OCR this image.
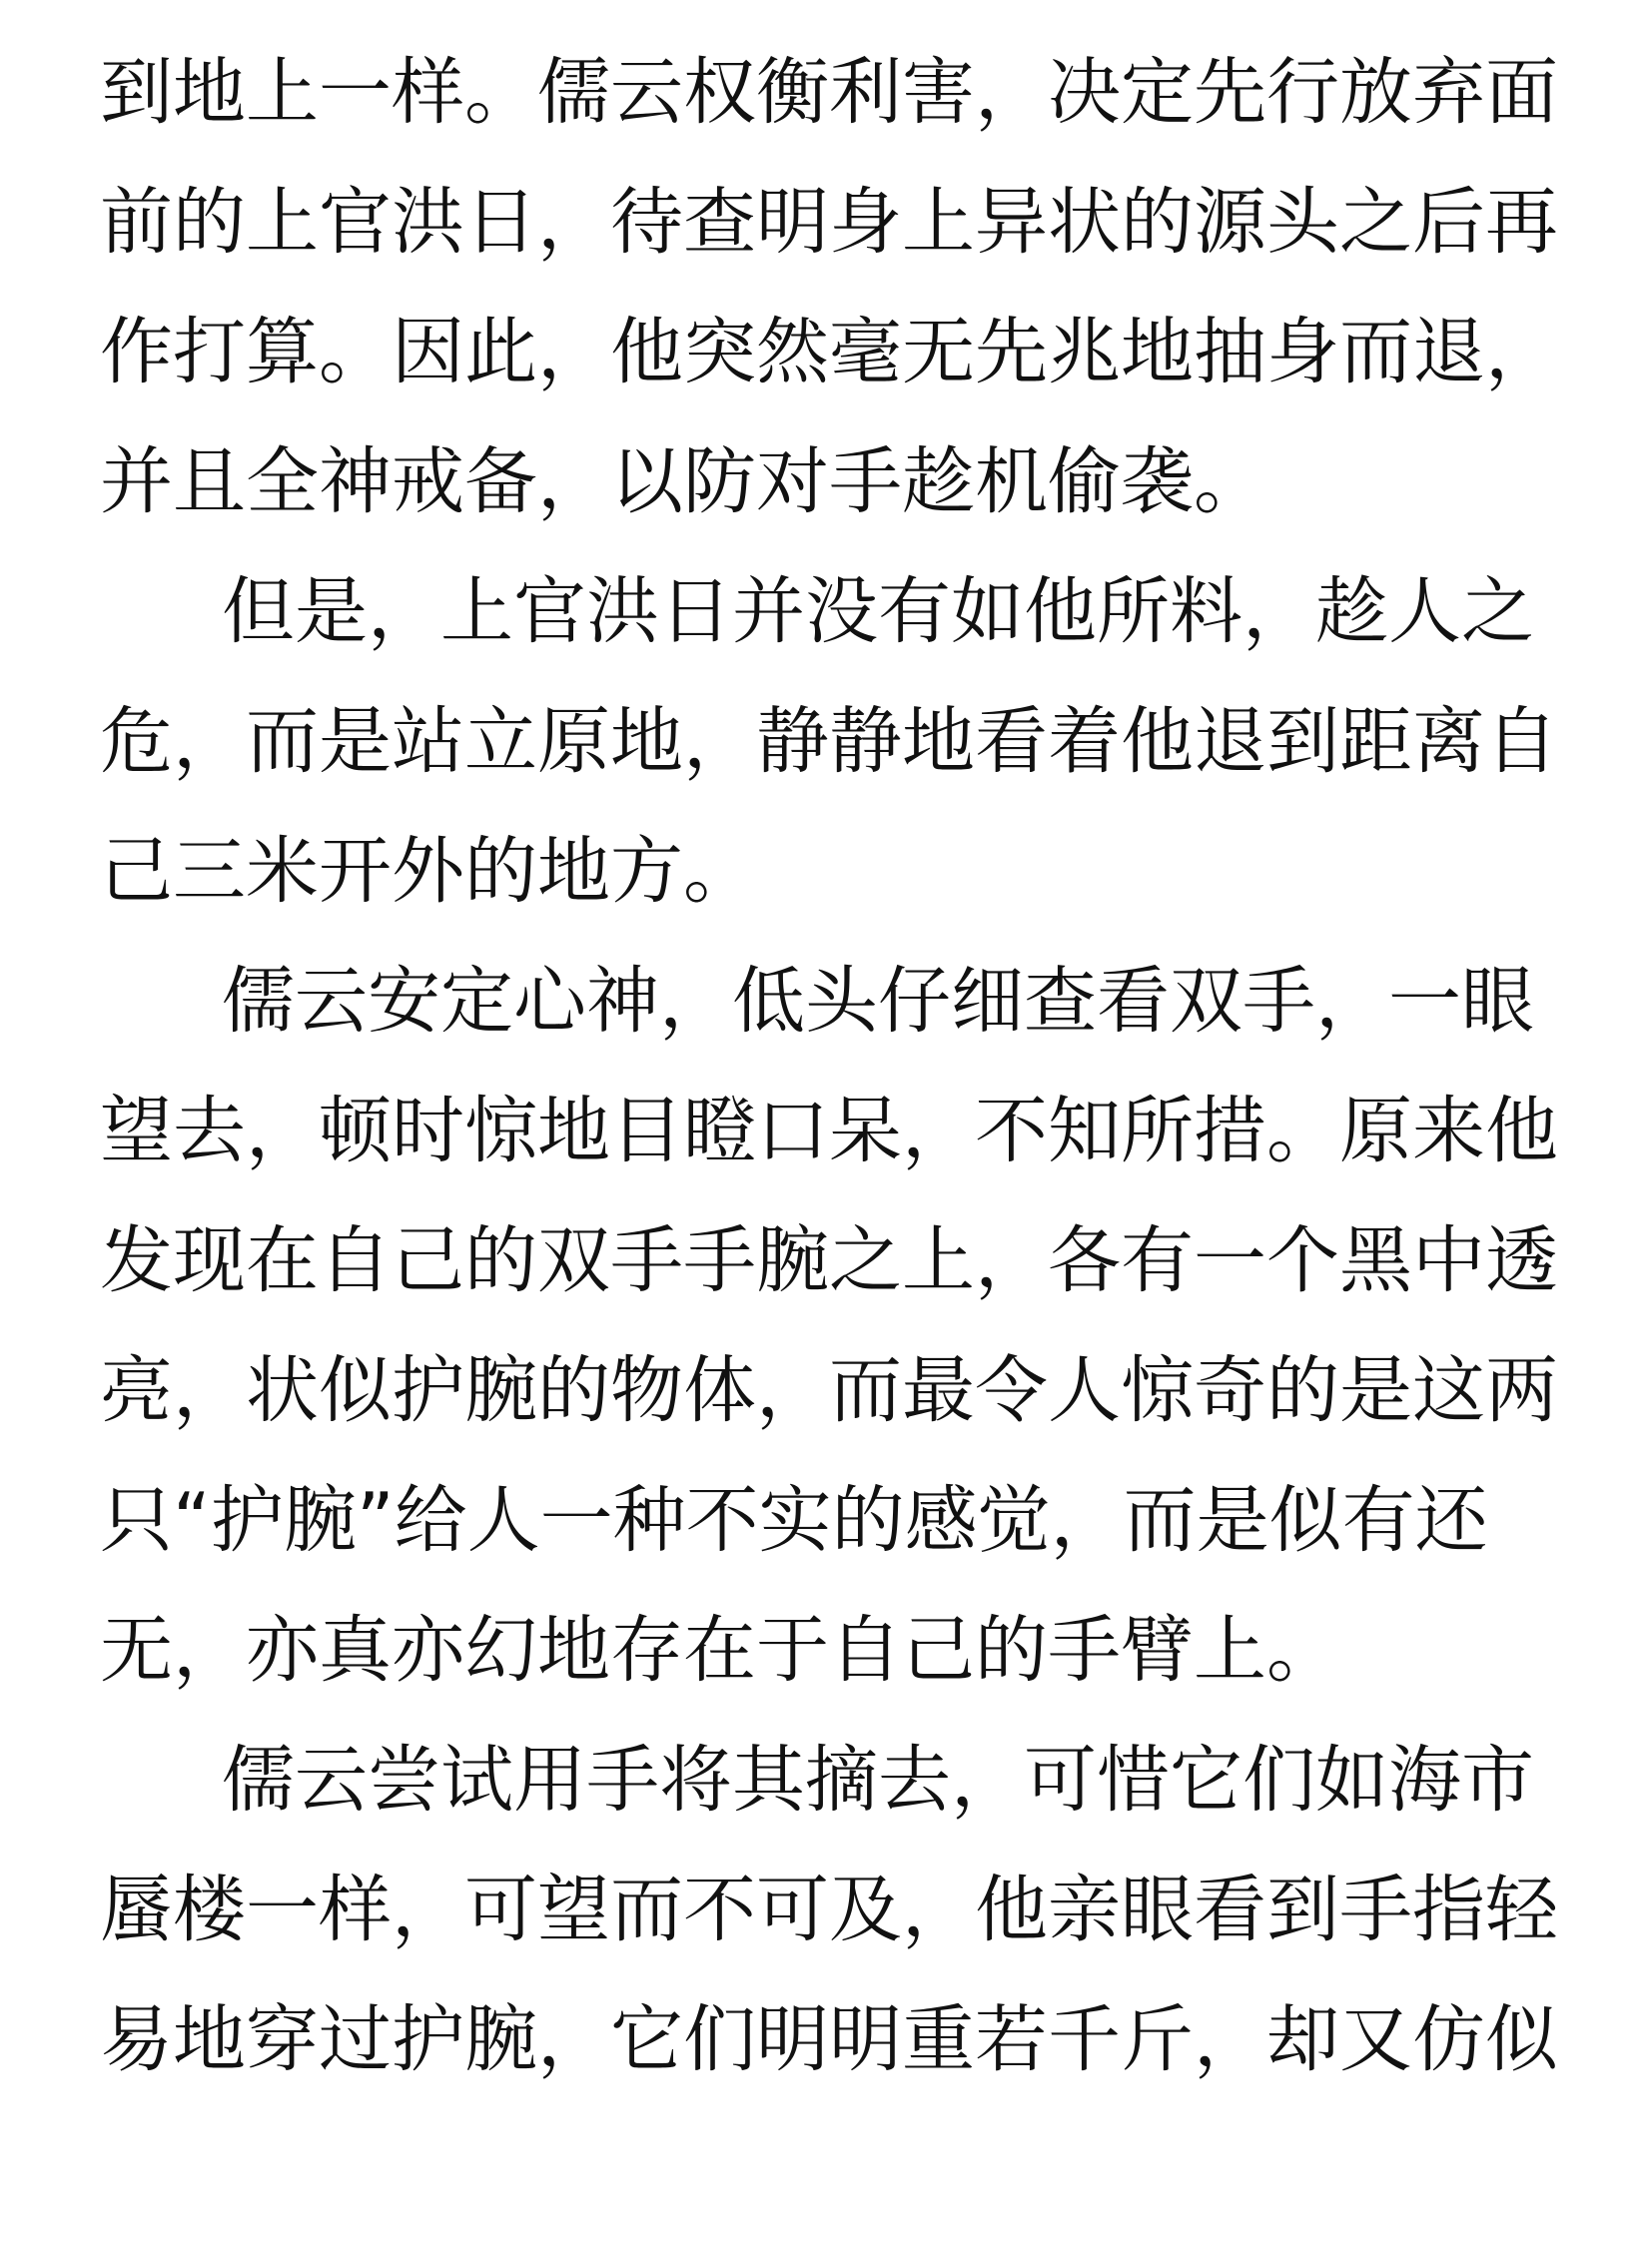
到地上一样。儒云权衡利害，决定先行放弃面
前的上官洪日，待查明身上异状的源头之后再
作打算。因此，他突然毫无先兆地抽身而退，
并且全神戒备，以防对手趁机偷袭。
但是，上官洪日并没有如他所料，趁人之
危，而是站立原地，静静地看着他退到距离自
己三米开外的地方。
儒云安定心神，低头仔细查看双手，一眼
望去，顿时惊地目瞪口呆，不知所措。原来他
发现在自己的双手手腕之上，各有一个黑中透
亮，状似护腕的物体，而最令人惊奇的是这两
只“护腕”给人一种不实的感觉，而是似有还
无，亦真亦幻地存在于自己的手臂上。
儒云尝试用手将其摘去，可惜它们如海市
蜃楼一样，可望而不可及，他亲眼看到手指轻
易地穿过护腕，它们明明重若千斤，却又仿似
